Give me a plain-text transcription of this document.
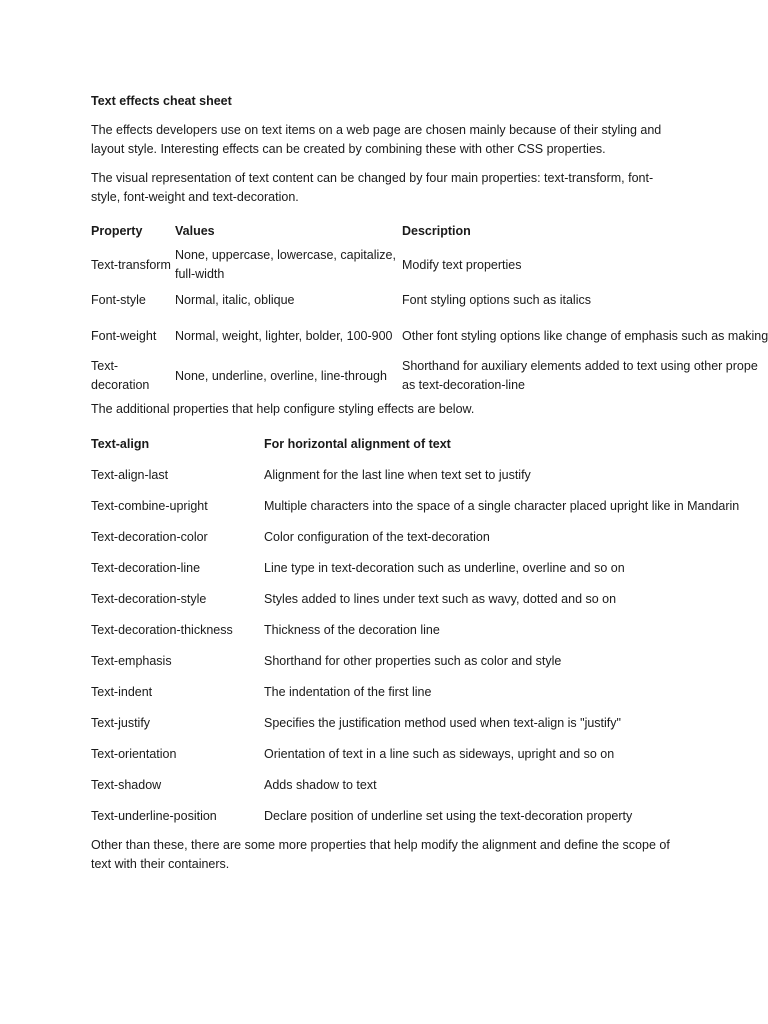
Text effects cheat sheet

The effects developers use on text items on a web page are chosen mainly because of their styling and layout style. Interesting effects can be created by combining these with other CSS properties.

The visual representation of text content can be changed by four main properties: text-transform, font-style, font-weight and text-decoration.

Property	Values	Description
Text-transform	None, uppercase, lowercase, capitalize, full-width	Modify text properties
Font-style	Normal, italic, oblique	Font styling options such as italics
Font-weight	Normal, weight, lighter, bolder, 100-900	Other font styling options like change of emphasis such as making
Text-decoration	None, underline, overline, line-through	Shorthand for auxiliary elements added to text using other prope as text-decoration-line

The additional properties that help configure styling effects are below.

Text-align	For horizontal alignment of text
Text-align-last	Alignment for the last line when text set to justify
Text-combine-upright	Multiple characters into the space of a single character placed upright like in Mandarin
Text-decoration-color	Color configuration of the text-decoration
Text-decoration-line	Line type in text-decoration such as underline, overline and so on
Text-decoration-style	Styles added to lines under text such as wavy, dotted and so on
Text-decoration-thickness	Thickness of the decoration line
Text-emphasis	Shorthand for other properties such as color and style
Text-indent	The indentation of the first line
Text-justify	Specifies the justification method used when text-align is "justify"
Text-orientation	Orientation of text in a line such as sideways, upright and so on
Text-shadow	Adds shadow to text
Text-underline-position	Declare position of underline set using the text-decoration property

Other than these, there are some more properties that help modify the alignment and define the scope of text with their containers.
